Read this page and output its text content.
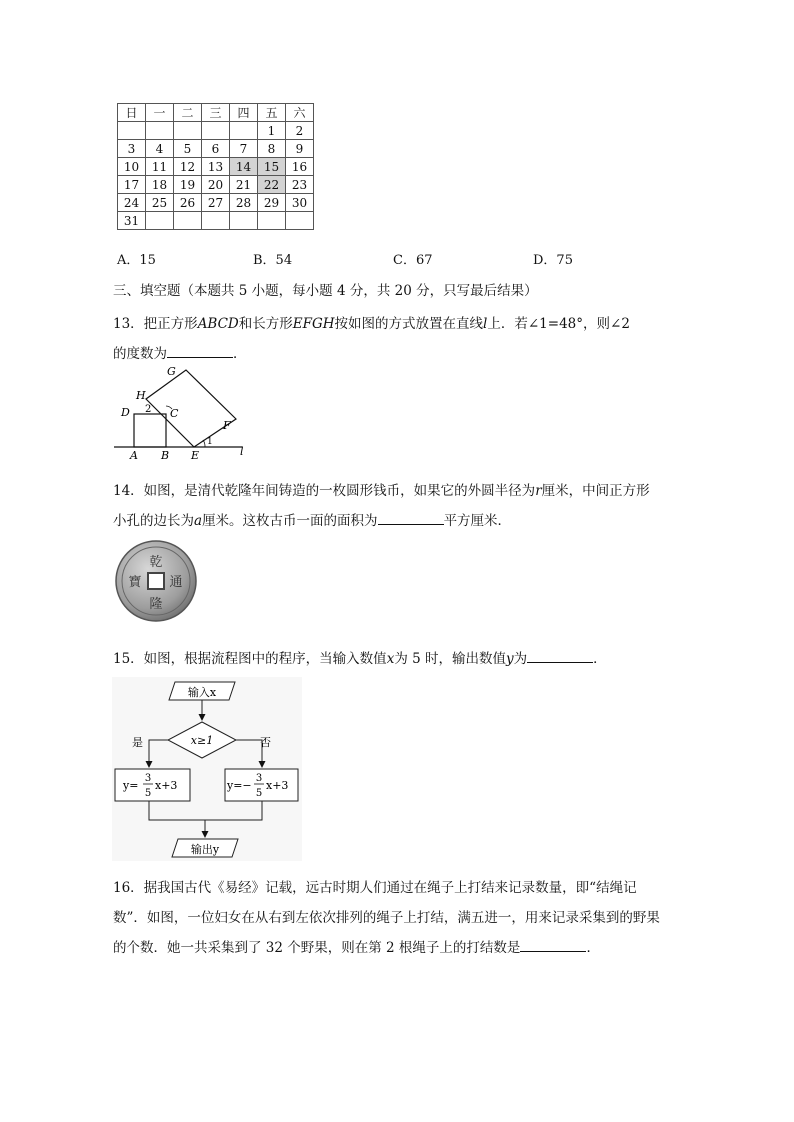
日	一	二	三	四	五	六
					1	2
3	4	5	6	7	8	9
10	11	12	13	14	15	16
17	18	19	20	21	22	23
24	25	26	27	28	29	30
31						
A．15	B．54	C．67	D．75
三、填空题（本题共 5 小题，每小题 4 分，共 20 分，只写最后结果）
13．把正方形ABCD和长方形EFGH按如图的方式放置在直线l上．若∠1=48°，则∠2
的度数为	．
G
H
D 2 C
F
1
A B E	l
14．如图，是清代乾隆年间铸造的一枚圆形钱币，如果它的外圆半径为r厘米，中间正方形
小孔的边长为a厘米。这枚古币一面的面积为	平方厘米．
乾
隆
通
寶
15．如图，根据流程图中的程序，当输入数值x为 5 时，输出数值y为	．
输入x
x≥1
是	否
y=
3
5
x+3	y=−
3
5
x+3
输出y
16．据我国古代《易经》记载，远古时期人们通过在绳子上打结来记录数量，即“结绳记
数”．如图，一位妇女在从右到左依次排列的绳子上打结，满五进一，用来记录采集到的野果
的个数．她一共采集到了 32 个野果，则在第 2 根绳子上的打结数是	．
